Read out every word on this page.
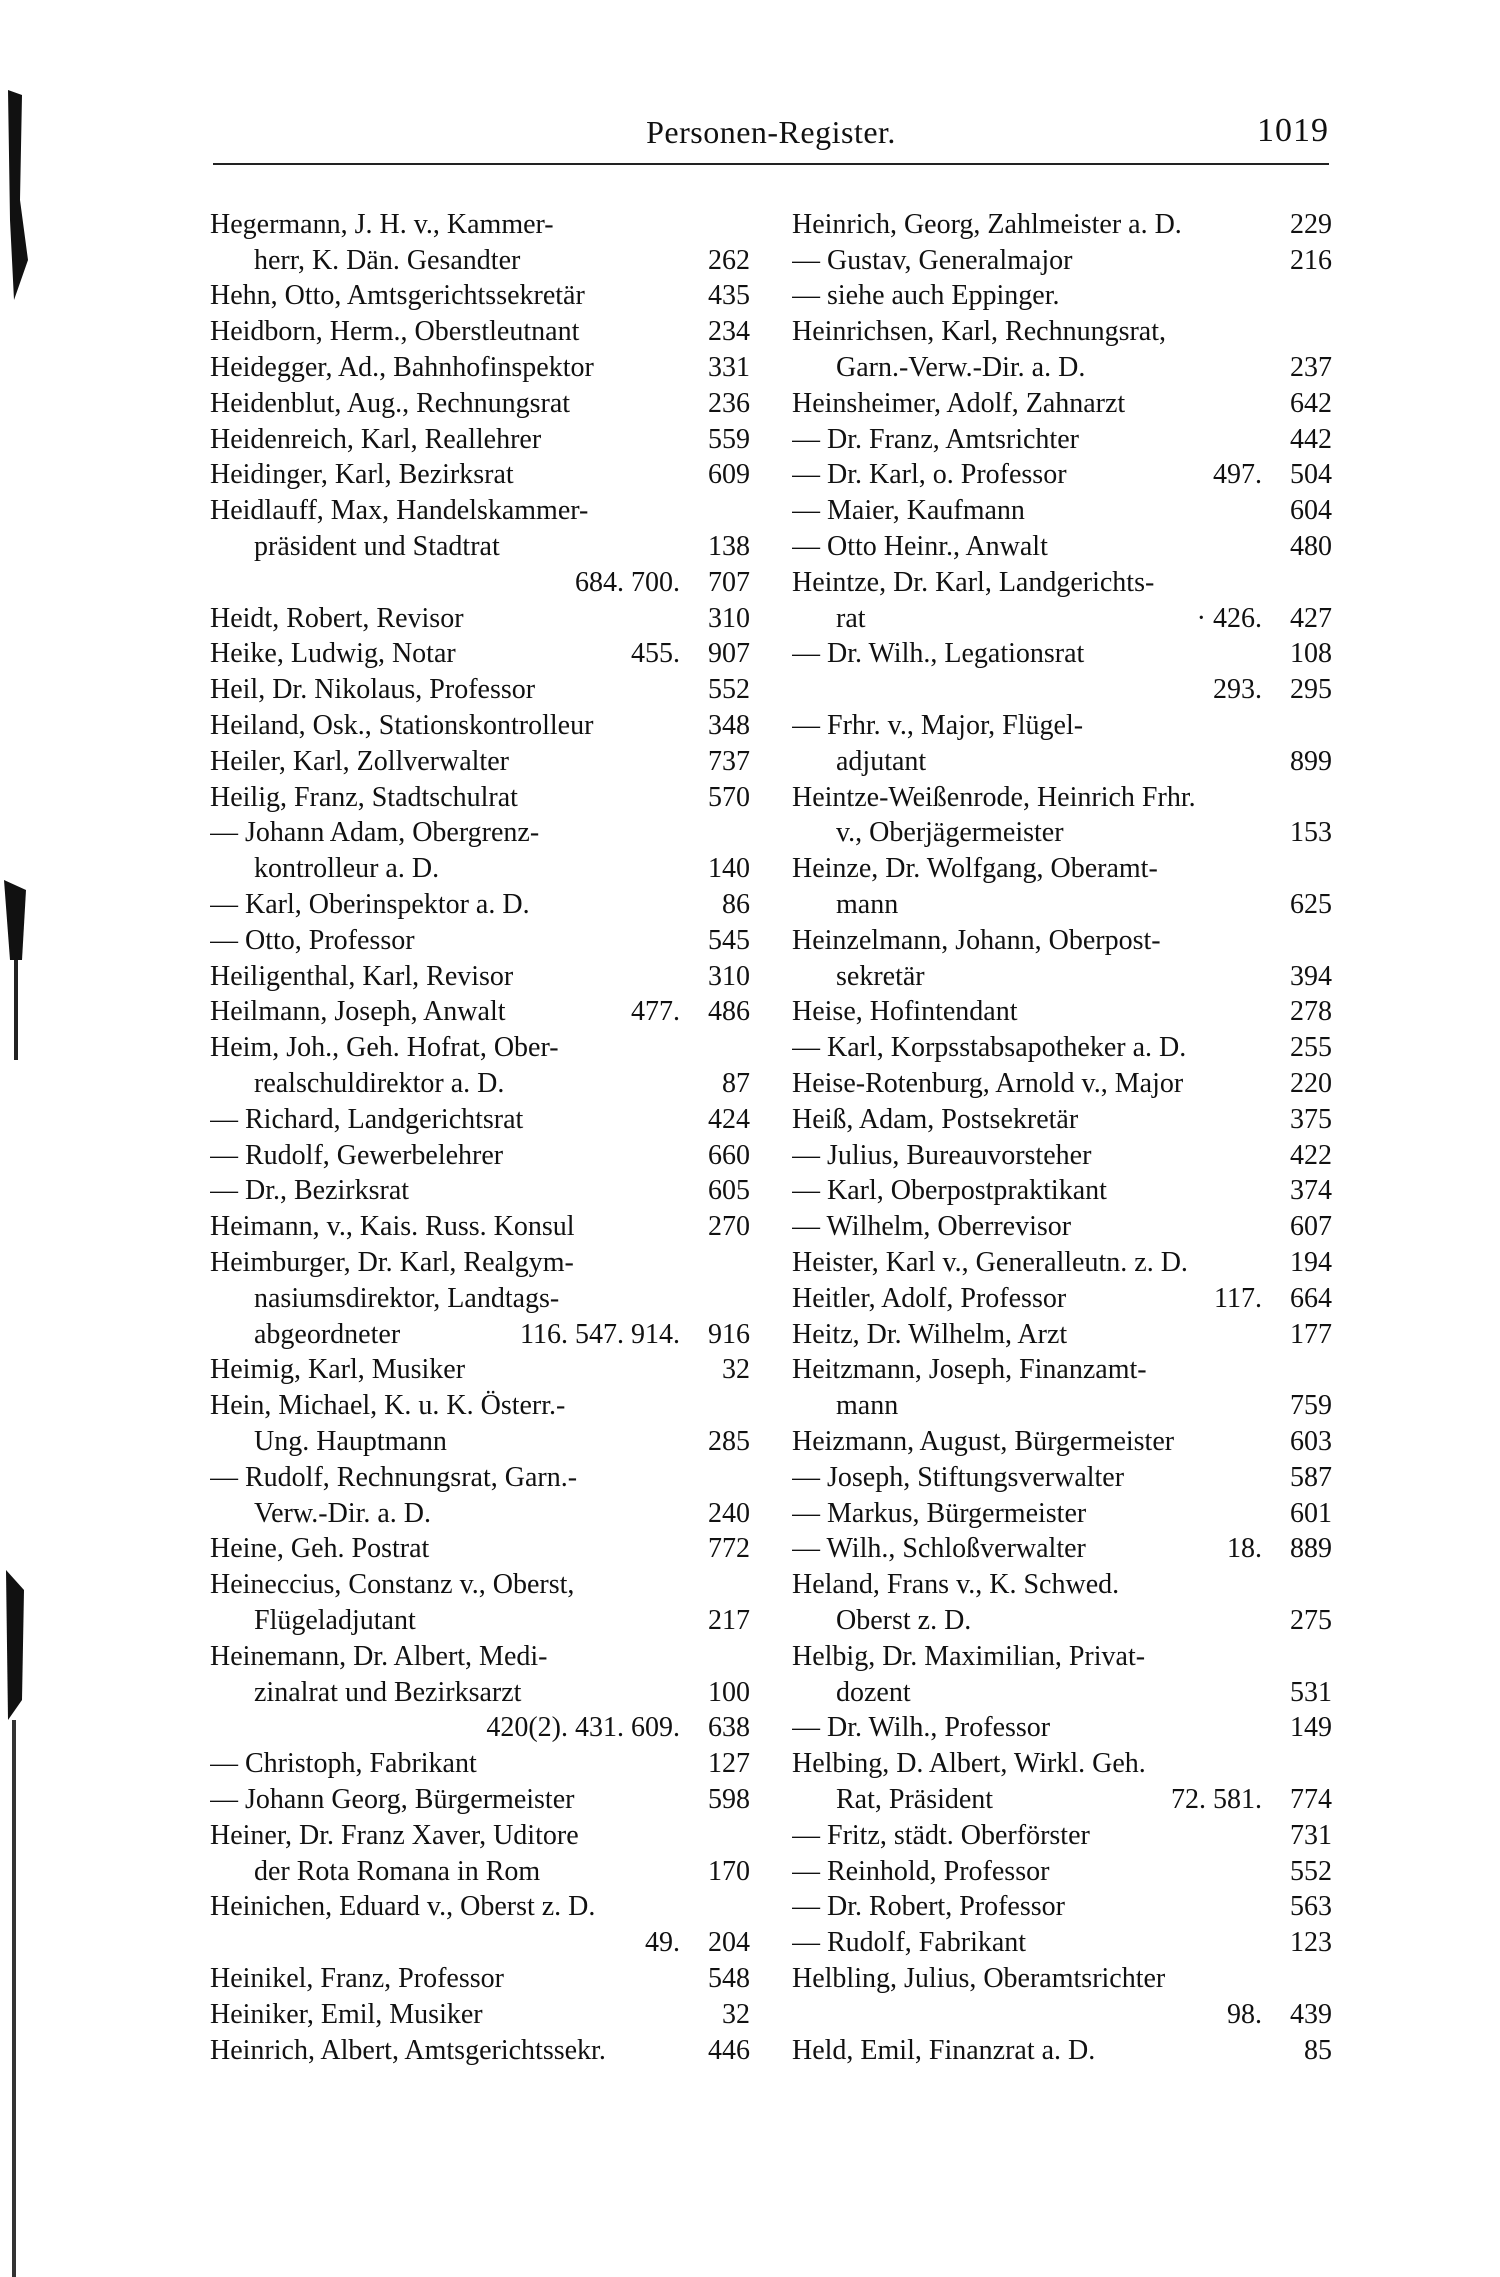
Personen-Register.	1019
Hegermann, J. H. v., Kammer-
herr, K. Dän. Gesandter	262
Hehn, Otto, Amtsgerichtssekretär	435
Heidborn, Herm., Oberstleutnant	234
Heidegger, Ad., Bahnhofinspektor	331
Heidenblut, Aug., Rechnungsrat	236
Heidenreich, Karl, Reallehrer	559
Heidinger, Karl, Bezirksrat	609
Heidlauff, Max, Handelskammer-
präsident und Stadtrat	138
684. 700.	707
Heidt, Robert, Revisor	310
Heike, Ludwig, Notar	455.	907
Heil, Dr. Nikolaus, Professor	552
Heiland, Osk., Stationskontrolleur	348
Heiler, Karl, Zollverwalter	737
Heilig, Franz, Stadtschulrat	570
— Johann Adam, Obergrenz-
kontrolleur a. D.	140
— Karl, Oberinspektor a. D.	86
— Otto, Professor	545
Heiligenthal, Karl, Revisor	310
Heilmann, Joseph, Anwalt	477.	486
Heim, Joh., Geh. Hofrat, Ober-
realschuldirektor a. D.	87
— Richard, Landgerichtsrat	424
— Rudolf, Gewerbelehrer	660
— Dr., Bezirksrat	605
Heimann, v., Kais. Russ. Konsul	270
Heimburger, Dr. Karl, Realgym-
nasiumsdirektor, Landtags-
abgeordneter	116. 547. 914.	916
Heimig, Karl, Musiker	32
Hein, Michael, K. u. K. Österr.-
Ung. Hauptmann	285
— Rudolf, Rechnungsrat, Garn.-
Verw.-Dir. a. D.	240
Heine, Geh. Postrat	772
Heineccius, Constanz v., Oberst,
Flügeladjutant	217
Heinemann, Dr. Albert, Medi-
zinalrat und Bezirksarzt	100
420(2). 431. 609.	638
— Christoph, Fabrikant	127
— Johann Georg, Bürgermeister	598
Heiner, Dr. Franz Xaver, Uditore
der Rota Romana in Rom	170
Heinichen, Eduard v., Oberst z. D.
49.	204
Heinikel, Franz, Professor	548
Heiniker, Emil, Musiker	32
Heinrich, Albert, Amtsgerichtssekr.	446
Heinrich, Georg, Zahlmeister a. D.	229
— Gustav, Generalmajor	216
— siehe auch Eppinger.
Heinrichsen, Karl, Rechnungsrat,
Garn.-Verw.-Dir. a. D.	237
Heinsheimer, Adolf, Zahnarzt	642
— Dr. Franz, Amtsrichter	442
— Dr. Karl, o. Professor	497.	504
— Maier, Kaufmann	604
— Otto Heinr., Anwalt	480
Heintze, Dr. Karl, Landgerichts-
rat	· 426.	427
— Dr. Wilh., Legationsrat	108
293.	295
— Frhr. v., Major, Flügel-
adjutant	899
Heintze-Weißenrode, Heinrich Frhr.
v., Oberjägermeister	153
Heinze, Dr. Wolfgang, Oberamt-
mann	625
Heinzelmann, Johann, Oberpost-
sekretär	394
Heise, Hofintendant	278
— Karl, Korpsstabsapotheker a. D.	255
Heise-Rotenburg, Arnold v., Major	220
Heiß, Adam, Postsekretär	375
— Julius, Bureauvorsteher	422
— Karl, Oberpostpraktikant	374
— Wilhelm, Oberrevisor	607
Heister, Karl v., Generalleutn. z. D.	194
Heitler, Adolf, Professor	117.	664
Heitz, Dr. Wilhelm, Arzt	177
Heitzmann, Joseph, Finanzamt-
mann	759
Heizmann, August, Bürgermeister	603
— Joseph, Stiftungsverwalter	587
— Markus, Bürgermeister	601
— Wilh., Schloßverwalter	18.	889
Heland, Frans v., K. Schwed.
Oberst z. D.	275
Helbig, Dr. Maximilian, Privat-
dozent	531
— Dr. Wilh., Professor	149
Helbing, D. Albert, Wirkl. Geh.
Rat, Präsident	72. 581.	774
— Fritz, städt. Oberförster	731
— Reinhold, Professor	552
— Dr. Robert, Professor	563
— Rudolf, Fabrikant	123
Helbling, Julius, Oberamtsrichter
98.	439
Held, Emil, Finanzrat a. D.	85
